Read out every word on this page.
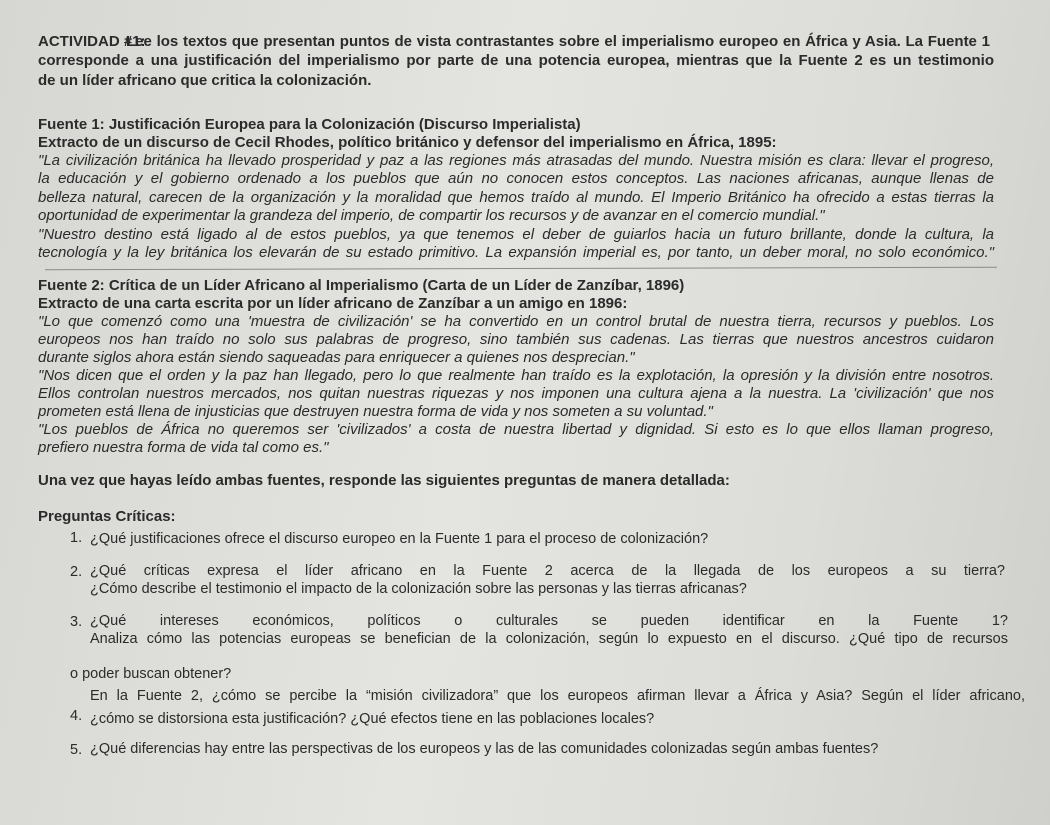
ACTIVIDAD #1:
Lee los textos que presentan puntos de vista contrastantes sobre el imperialismo europeo en África y Asia. La Fuente 1
corresponde a una justificación del imperialismo por parte de una potencia europea, mientras que la Fuente 2 es un testimonio
de un líder africano que critica la colonización.
Fuente 1: Justificación Europea para la Colonización (Discurso Imperialista)
Extracto de un discurso de Cecil Rhodes, político británico y defensor del imperialismo en África, 1895:
"La civilización británica ha llevado prosperidad y paz a las regiones más atrasadas del mundo. Nuestra misión es clara: llevar el progreso,
la educación y el gobierno ordenado a los pueblos que aún no conocen estos conceptos. Las naciones africanas, aunque llenas de
belleza natural, carecen de la organización y la moralidad que hemos traído al mundo. El Imperio Británico ha ofrecido a estas tierras la
oportunidad de experimentar la grandeza del imperio, de compartir los recursos y de avanzar en el comercio mundial."
"Nuestro destino está ligado al de estos pueblos, ya que tenemos el deber de guiarlos hacia un futuro brillante, donde la cultura, la
tecnología y la ley británica los elevarán de su estado primitivo. La expansión imperial es, por tanto, un deber moral, no solo económico."
Fuente 2: Crítica de un Líder Africano al Imperialismo (Carta de un Líder de Zanzíbar, 1896)
Extracto de una carta escrita por un líder africano de Zanzíbar a un amigo en 1896:
"Lo que comenzó como una 'muestra de civilización' se ha convertido en un control brutal de nuestra tierra, recursos y pueblos. Los
europeos nos han traído no solo sus palabras de progreso, sino también sus cadenas. Las tierras que nuestros ancestros cuidaron
durante siglos ahora están siendo saqueadas para enriquecer a quienes nos desprecian."
"Nos dicen que el orden y la paz han llegado, pero lo que realmente han traído es la explotación, la opresión y la división entre nosotros.
Ellos controlan nuestros mercados, nos quitan nuestras riquezas y nos imponen una cultura ajena a la nuestra. La 'civilización' que nos
prometen está llena de injusticias que destruyen nuestra forma de vida y nos someten a su voluntad."
"Los pueblos de África no queremos ser 'civilizados' a costa de nuestra libertad y dignidad. Si esto es lo que ellos llaman progreso,
prefiero nuestra forma de vida tal como es."
Una vez que hayas leído ambas fuentes, responde las siguientes preguntas de manera detallada:
Preguntas Críticas:
1. ¿Qué justificaciones ofrece el discurso europeo en la Fuente 1 para el proceso de colonización?
2. ¿Qué críticas expresa el líder africano en la Fuente 2 acerca de la llegada de los europeos a su tierra?
¿Cómo describe el testimonio el impacto de la colonización sobre las personas y las tierras africanas?
3. ¿Qué intereses económicos, políticos o culturales se pueden identificar en la Fuente 1?
Analiza cómo las potencias europeas se benefician de la colonización, según lo expuesto en el discurso. ¿Qué tipo de recursos
o poder buscan obtener?
4.
En la Fuente 2, ¿cómo se percibe la “misión civilizadora” que los europeos afirman llevar a África y Asia? Según el líder africano,
¿cómo se distorsiona esta justificación? ¿Qué efectos tiene en las poblaciones locales?
5. ¿Qué diferencias hay entre las perspectivas de los europeos y las de las comunidades colonizadas según ambas fuentes?
